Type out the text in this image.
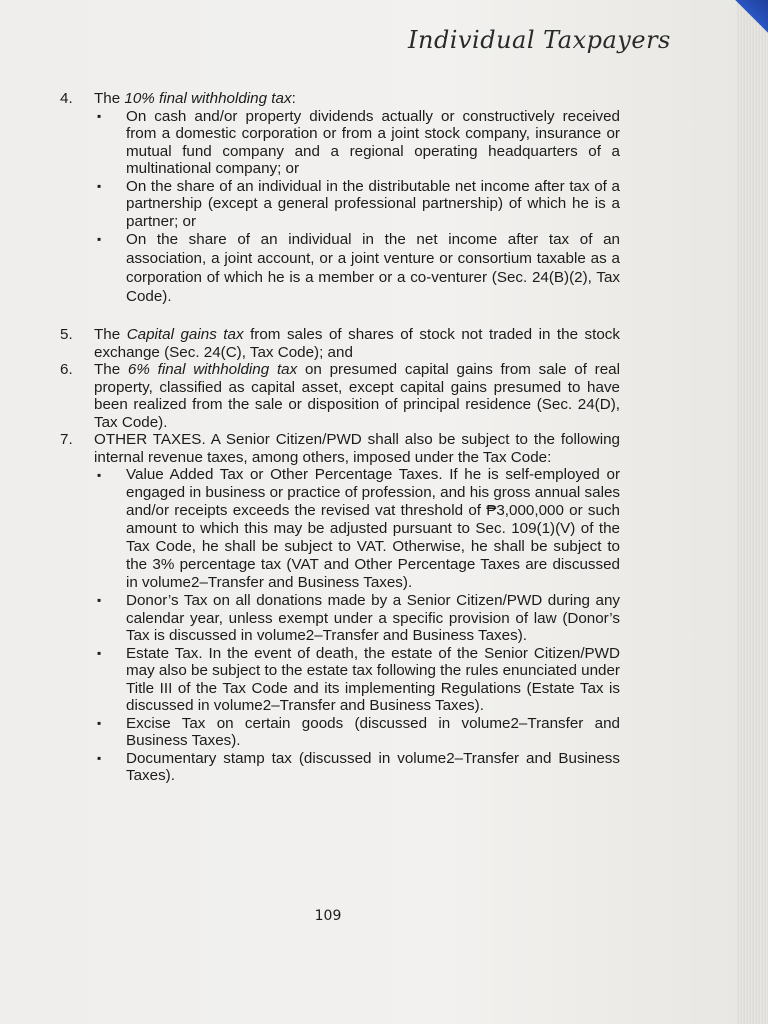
Individual Taxpayers
4.	The 10% final withholding tax:
▪ On cash and/or property dividends actually or constructively received from a domestic corporation or from a joint stock company, insurance or mutual fund company and a regional operating headquarters of a multinational company; or
▪ On the share of an individual in the distributable net income after tax of a partnership (except a general professional partnership) of which he is a partner; or
▪ On the share of an individual in the net income after tax of an association, a joint account, or a joint venture or consortium taxable as a corporation of which he is a member or a co-venturer (Sec. 24(B)(2), Tax Code).
5.	The Capital gains tax from sales of shares of stock not traded in the stock exchange (Sec. 24(C), Tax Code); and
6.	The 6% final withholding tax on presumed capital gains from sale of real property, classified as capital asset, except capital gains presumed to have been realized from the sale or disposition of principal residence (Sec. 24(D), Tax Code).
7.	OTHER TAXES. A Senior Citizen/PWD shall also be subject to the following internal revenue taxes, among others, imposed under the Tax Code:
▪ Value Added Tax or Other Percentage Taxes. If he is self-employed or engaged in business or practice of profession, and his gross annual sales and/or receipts exceeds the revised vat threshold of ₱3,000,000 or such amount to which this may be adjusted pursuant to Sec. 109(1)(V) of the Tax Code, he shall be subject to VAT. Otherwise, he shall be subject to the 3% percentage tax (VAT and Other Percentage Taxes are discussed in volume2–Transfer and Business Taxes).
▪ Donor’s Tax on all donations made by a Senior Citizen/PWD during any calendar year, unless exempt under a specific provision of law (Donor’s Tax is discussed in volume2–Transfer and Business Taxes).
▪ Estate Tax. In the event of death, the estate of the Senior Citizen/PWD may also be subject to the estate tax following the rules enunciated under Title III of the Tax Code and its implementing Regulations (Estate Tax is discussed in volume2–Transfer and Business Taxes).
▪ Excise Tax on certain goods (discussed in volume2–Transfer and Business Taxes).
▪ Documentary stamp tax (discussed in volume2–Transfer and Business Taxes).
109
